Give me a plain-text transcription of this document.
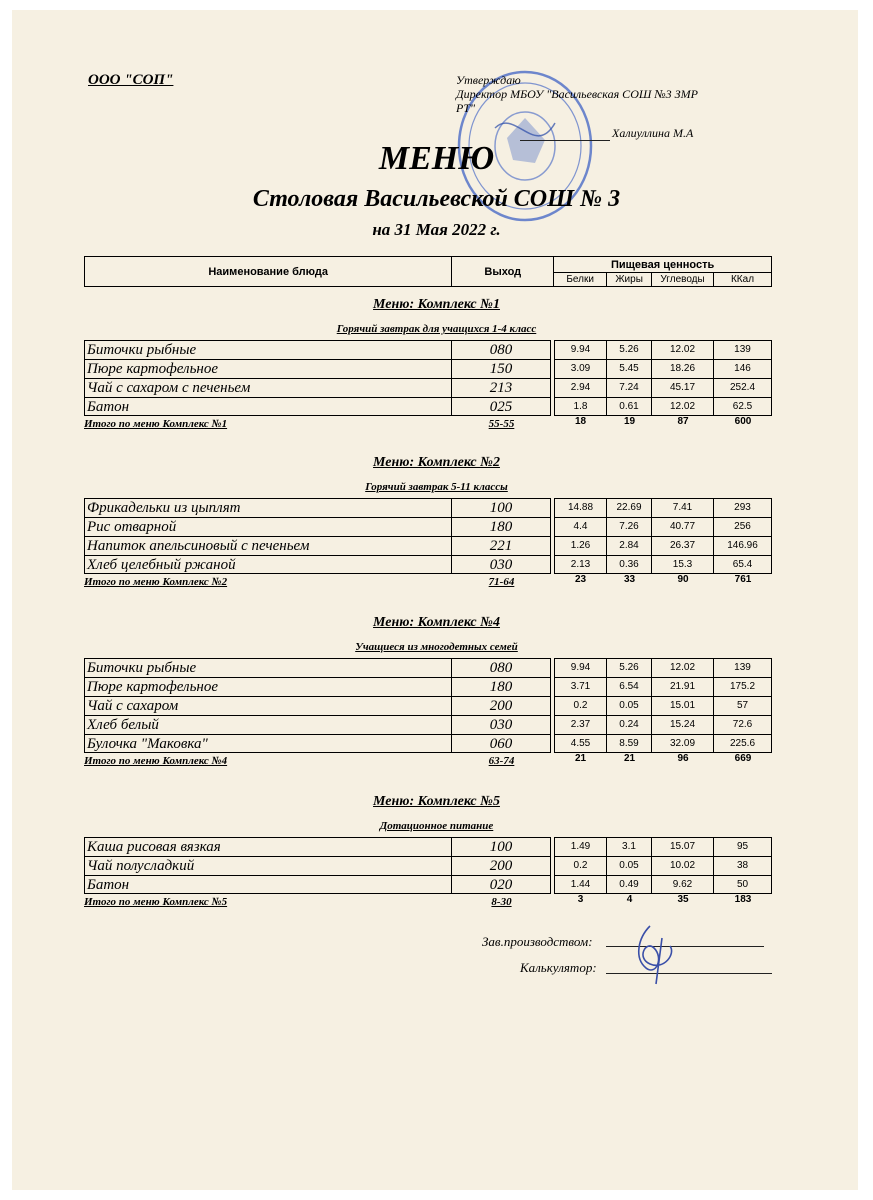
ООО "СОП"	Утверждаю
Директор МБОУ "Васильевская СОШ №3 ЗМР
РТ"
Халиуллина М.А
МЕНЮ
Столовая Васильевской СОШ № 3
на 31 Мая 2022 г.
Наименование блюда	Выход	Пищевая ценность			
		Белки	Жиры	Углеводы	ККал
Меню: Комплекс №1
Горячий завтрак для учащихся 1-4 класс
Биточки рыбные	080	9.94	5.26	12.02	139
Пюре картофельное	150	3.09	5.45	18.26	146
Чай с сахаром с печеньем	213	2.94	7.24	45.17	252.4
Батон	025	1.8	0.61	12.02	62.5
Итого по меню Комплекс №1	55-55	18	19	87	600
Меню: Комплекс №2
Горячий завтрак 5-11 классы
Фрикадельки из цыплят	100	14.88	22.69	7.41	293
Рис отварной	180	4.4	7.26	40.77	256
Напиток апельсиновый с печеньем	221	1.26	2.84	26.37	146.96
Хлеб целебный ржаной	030	2.13	0.36	15.3	65.4
Итого по меню Комплекс №2	71-64	23	33	90	761
Меню: Комплекс №4
Учащиеся из многодетных семей
Биточки рыбные	080	9.94	5.26	12.02	139
Пюре картофельное	180	3.71	6.54	21.91	175.2
Чай с сахаром	200	0.2	0.05	15.01	57
Хлеб белый	030	2.37	0.24	15.24	72.6
Булочка "Маковка"	060	4.55	8.59	32.09	225.6
Итого по меню Комплекс №4	63-74	21	21	96	669
Меню: Комплекс №5
Дотационное питание
Каша рисовая вязкая	100	1.49	3.1	15.07	95
Чай полусладкий	200	0.2	0.05	10.02	38
Батон	020	1.44	0.49	9.62	50
Итого по меню Комплекс №5	8-30	3	4	35	183
Зав.производством:
Калькулятор:
